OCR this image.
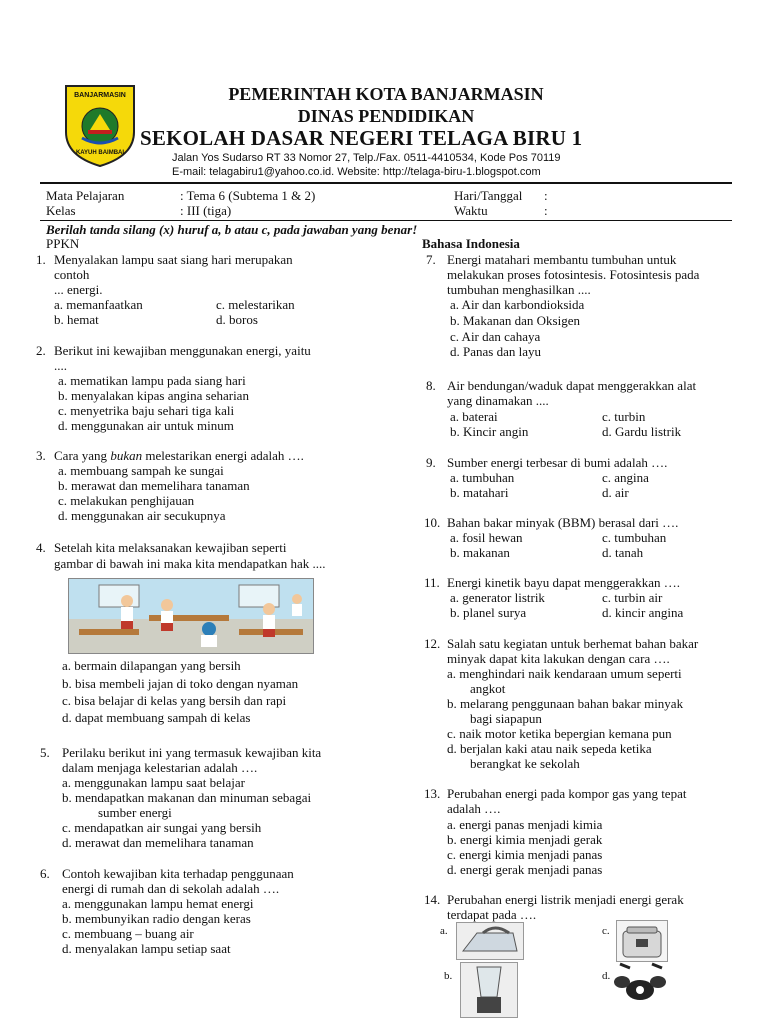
BANJARMASIN
KAYUH BAIMBAI
PEMERINTAH KOTA BANJARMASIN
DINAS PENDIDIKAN
SEKOLAH DASAR NEGERI TELAGA BIRU 1
Jalan Yos Sudarso RT 33 Nomor 27, Telp./Fax. 0511-4410534, Kode Pos 70119
E-mail: telagabiru1@yahoo.co.id. Website: http://telaga-biru-1.blogspot.com
Mata Pelajaran	: Tema 6 (Subtema 1 & 2)
Kelas	: III (tiga)
Hari/Tanggal :
Waktu	:
Berilah tanda silang (x) huruf a, b atau c, pada jawaban yang benar!
PPKN	Bahasa Indonesia
1. Menyalakan lampu saat siang hari merupakan
contoh
... energi.
a. memanfaatkan
b. hemat
c. melestarikan
d. boros
2. Berikut ini kewajiban menggunakan energi, yaitu
....
a. mematikan lampu pada siang hari
b. menyalakan kipas angina seharian
c. menyetrika baju sehari tiga kali
d. menggunakan air untuk minum
3. Cara yang bukan melestarikan energi adalah ….
a. membuang sampah ke sungai
b. merawat dan memelihara tanaman
c. melakukan penghijauan
d. menggunakan air secukupnya
4. Setelah kita melaksanakan kewajiban seperti
gambar di bawah ini maka kita mendapatkan hak ....
a. bermain dilapangan yang bersih
b. bisa membeli jajan di toko dengan nyaman
c. bisa belajar di kelas yang bersih dan rapi
d. dapat membuang sampah di kelas
5. Perilaku berikut ini yang termasuk kewajiban kita
dalam menjaga kelestarian adalah ….
a. menggunakan lampu saat belajar
b. mendapatkan makanan dan minuman sebagai
sumber energi
c. mendapatkan air sungai yang bersih
d. merawat dan memelihara tanaman
6. Contoh kewajiban kita terhadap penggunaan
energi di rumah dan di sekolah adalah ….
a. menggunakan lampu hemat energi
b. membunyikan radio dengan keras
c. membuang – buang air
d. menyalakan lampu setiap saat
7. Energi matahari membantu tumbuhan untuk
melakukan proses fotosintesis. Fotosintesis pada
tumbuhan menghasilkan ....
a. Air dan karbondioksida
b. Makanan dan Oksigen
c. Air dan cahaya
d. Panas dan layu
8. Air bendungan/waduk dapat menggerakkan alat
yang dinamakan ....
a. baterai
b. Kincir angin
c. turbin
d. Gardu listrik
9. Sumber energi terbesar di bumi adalah ….
a. tumbuhan
b. matahari
c. angina
d. air
10. Bahan bakar minyak (BBM) berasal dari ….
a. fosil hewan
b. makanan
c. tumbuhan
d. tanah
11. Energi kinetik bayu dapat menggerakkan ….
a. generator listrik
b. planel surya
c. turbin air
d. kincir angina
12. Salah satu kegiatan untuk berhemat bahan bakar
minyak dapat kita lakukan dengan cara ….
a. menghindari naik kendaraan umum seperti
angkot
b. melarang penggunaan bahan bakar minyak
bagi siapapun
c. naik motor ketika bepergian kemana pun
d. berjalan kaki atau naik sepeda ketika
berangkat ke sekolah
13. Perubahan energi pada kompor gas yang tepat
adalah ….
a. energi panas menjadi kimia
b. energi kimia menjadi gerak
c. energi kimia menjadi panas
d. energi gerak menjadi panas
14. Perubahan energi listrik menjadi energi gerak
terdapat pada ….
a.	c.
b.	d.
